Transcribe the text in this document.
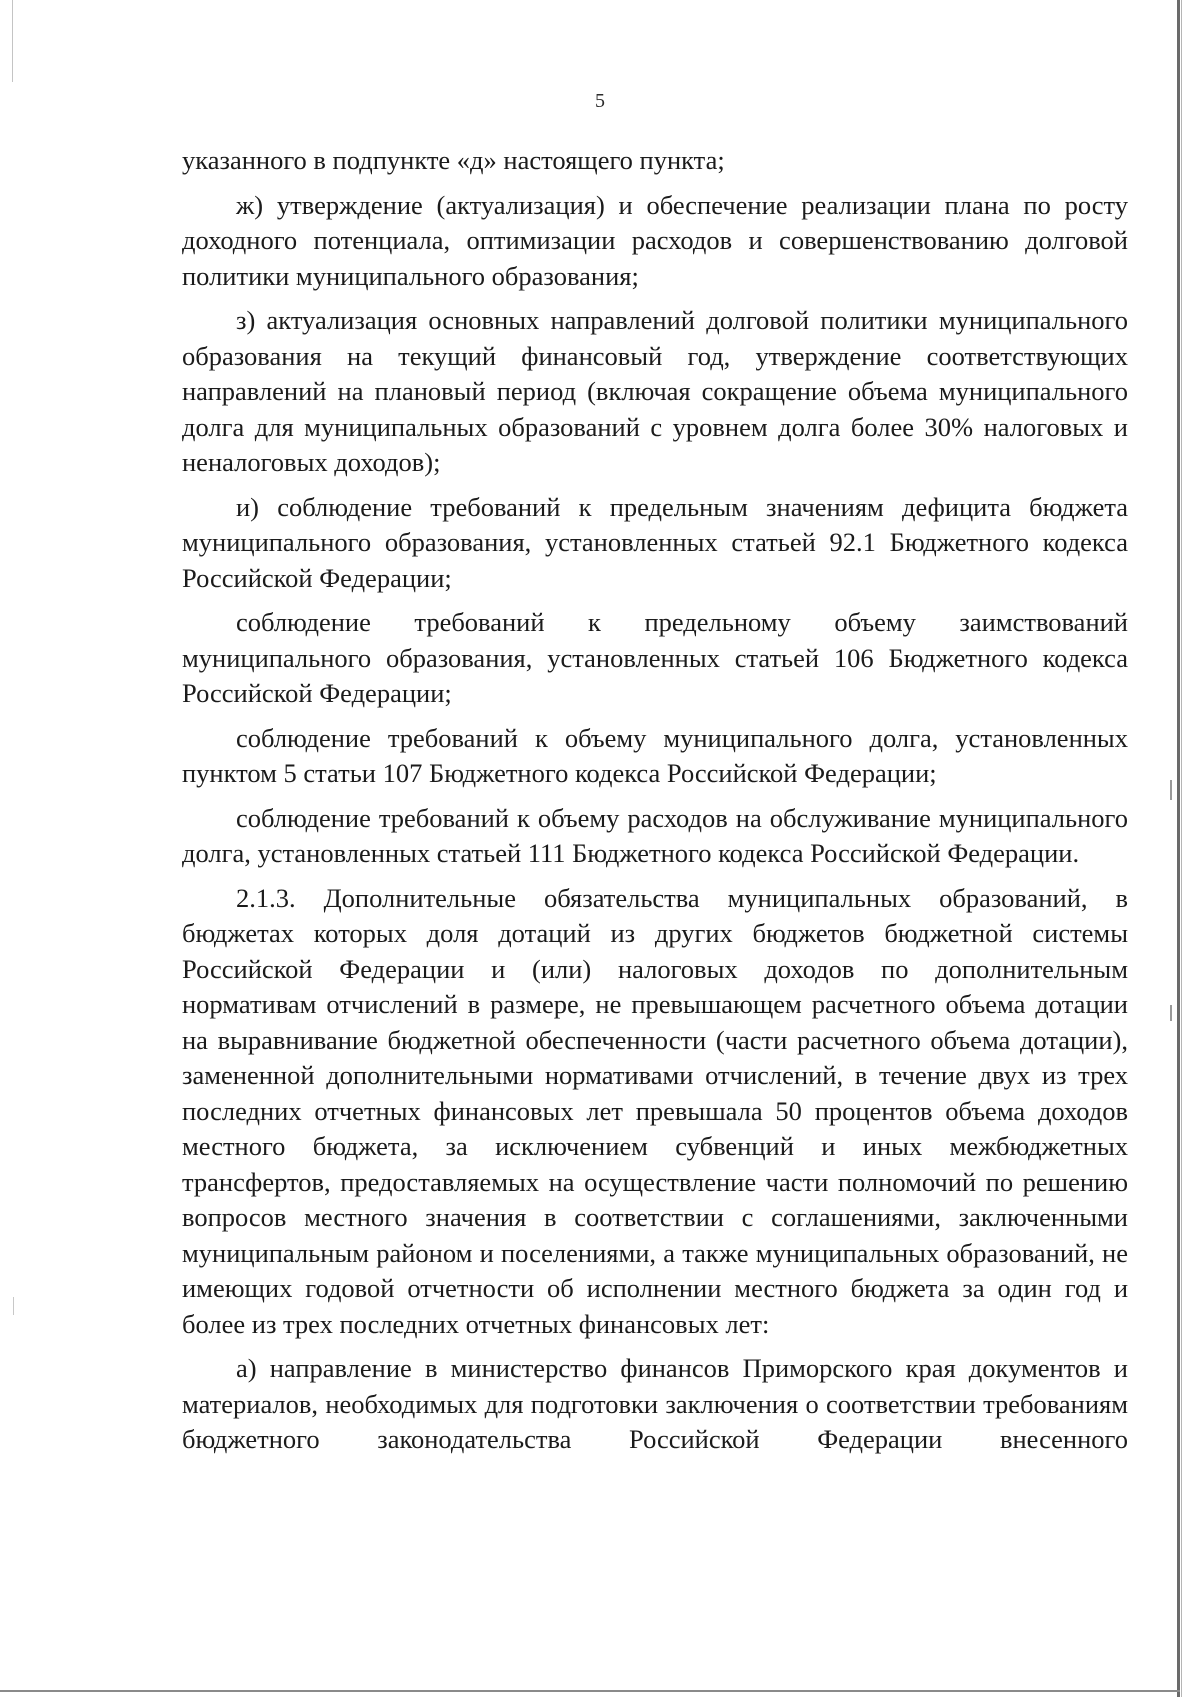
5

указанного в подпункте «д» настоящего пункта;

ж) утверждение (актуализация) и обеспечение реализации плана по росту доходного потенциала, оптимизации расходов и совершенствованию долговой политики муниципального образования;

з) актуализация основных направлений долговой политики муниципального образования на текущий финансовый год, утверждение соответствующих направлений на плановый период (включая сокращение объема муниципального долга для муниципальных образований с уровнем долга более 30% налоговых и неналоговых доходов);

и) соблюдение требований к предельным значениям дефицита бюджета муниципального образования, установленных статьей 92.1 Бюджетного кодекса Российской Федерации;

соблюдение требований к предельному объему заимствований муниципального образования, установленных статьей 106 Бюджетного кодекса Российской Федерации;

соблюдение требований к объему муниципального долга, установленных пунктом 5 статьи 107 Бюджетного кодекса Российской Федерации;

соблюдение требований к объему расходов на обслуживание муниципального долга, установленных статьей 111 Бюджетного кодекса Российской Федерации.

2.1.3. Дополнительные обязательства муниципальных образований, в бюджетах которых доля дотаций из других бюджетов бюджетной системы Российской Федерации и (или) налоговых доходов по дополнительным нормативам отчислений в размере, не превышающем расчетного объема дотации на выравнивание бюджетной обеспеченности (части расчетного объема дотации), замененной дополнительными нормативами отчислений, в течение двух из трех последних отчетных финансовых лет превышала 50 процентов объема доходов местного бюджета, за исключением субвенций и иных межбюджетных трансфертов, предоставляемых на осуществление части полномочий по решению вопросов местного значения в соответствии с соглашениями, заключенными муниципальным районом и поселениями, а также муниципальных образований, не имеющих годовой отчетности об исполнении местного бюджета за один год и более из трех последних отчетных финансовых лет:

а) направление в министерство финансов Приморского края документов и материалов, необходимых для подготовки заключения о соответствии требованиям бюджетного законодательства Российской Федерации внесенного
